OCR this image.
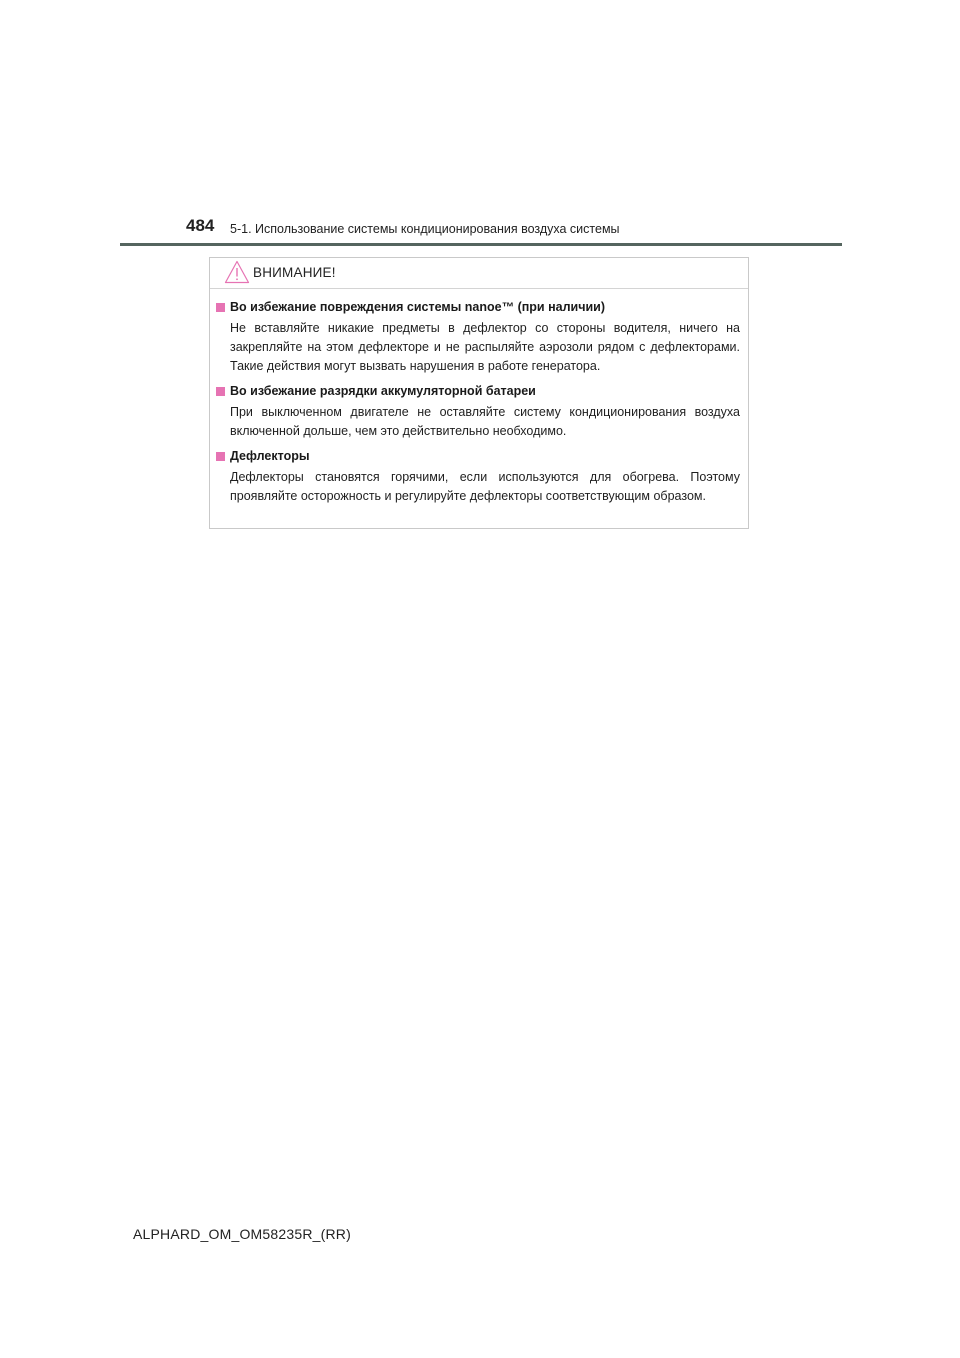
484 5-1. Использование системы кондиционирования воздуха системы
ВНИМАНИЕ!
Во избежание повреждения системы nanoe™ (при наличии)
Не вставляйте никакие предметы в дефлектор со стороны водителя, ничего на закрепляйте на этом дефлекторе и не распыляйте аэрозоли рядом с дефлекторами. Такие действия могут вызвать нарушения в работе генератора.
Во избежание разрядки аккумуляторной батареи
При выключенном двигателе не оставляйте систему кондиционирования воздуха включенной дольше, чем это действительно необходимо.
Дефлекторы
Дефлекторы становятся горячими, если используются для обогрева. Поэтому проявляйте осторожность и регулируйте дефлекторы соответствующим образом.
ALPHARD_OM_OM58235R_(RR)
